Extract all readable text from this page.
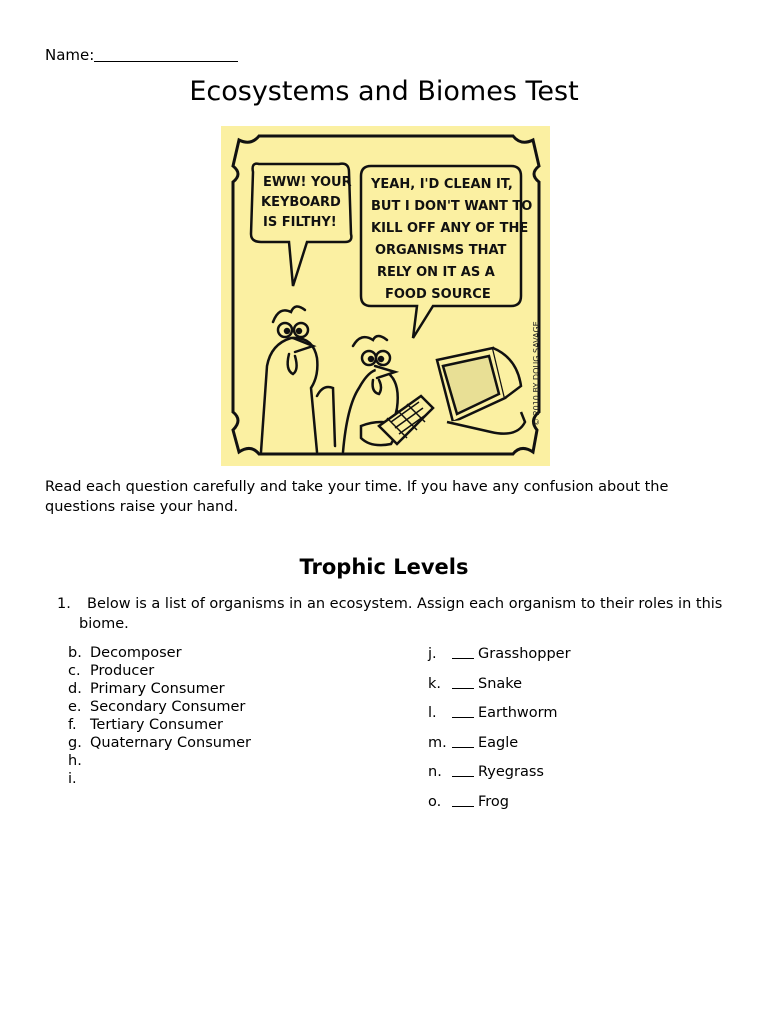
Name:
Ecosystems and Biomes Test
EWW! YOUR
KEYBOARD
IS FILTHY!
YEAH, I'D CLEAN IT,
BUT I DON'T WANT TO
KILL OFF ANY OF THE
ORGANISMS THAT
RELY ON IT AS A
FOOD SOURCE
© 2010 BY DOUG SAVAGE
Read each question carefully and take your time. If you have any confusion about the questions raise your hand.
Trophic Levels
1.	Below is a list of organisms in an ecosystem. Assign each organism to their roles in this biome.
b. Decomposer
c. Producer
d. Primary Consumer
e. Secondary Consumer
f. Tertiary Consumer
g. Quaternary Consumer
h.
i.
j.	Grasshopper
k.	Snake
l.	Earthworm
m. Eagle
n. Ryegrass
o.	Frog
